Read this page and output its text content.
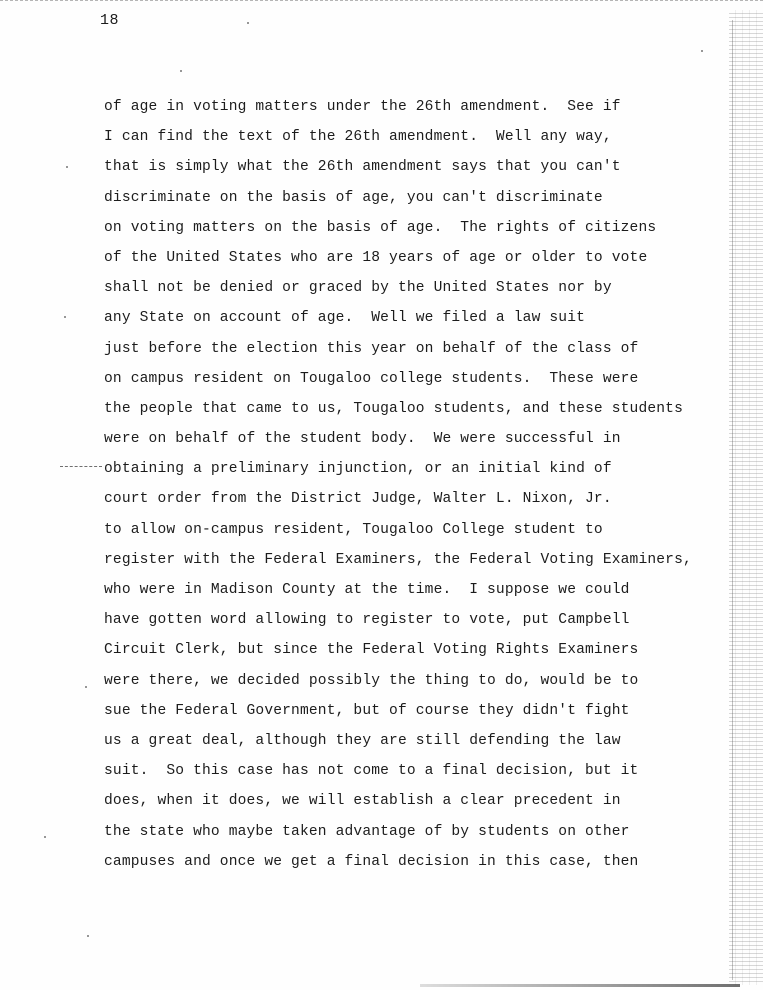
18
of age in voting matters under the 26th amendment.  See if
I can find the text of the 26th amendment.  Well any way,
that is simply what the 26th amendment says that you can't
discriminate on the basis of age, you can't discriminate
on voting matters on the basis of age.  The rights of citizens
of the United States who are 18 years of age or older to vote
shall not be denied or graced by the United States nor by
any State on account of age.  Well we filed a law suit
just before the election this year on behalf of the class of
on campus resident on Tougaloo college students.  These were
the people that came to us, Tougaloo students, and these students
were on behalf of the student body.  We were successful in
obtaining a preliminary injunction, or an initial kind of
court order from the District Judge, Walter L. Nixon, Jr.
to allow on-campus resident, Tougaloo College student to
register with the Federal Examiners, the Federal Voting Examiners,
who were in Madison County at the time.  I suppose we could
have gotten word allowing to register to vote, put Campbell
Circuit Clerk, but since the Federal Voting Rights Examiners
were there, we decided possibly the thing to do, would be to
sue the Federal Government, but of course they didn't fight
us a great deal, although they are still defending the law
suit.  So this case has not come to a final decision, but it
does, when it does, we will establish a clear precedent in
the state who maybe taken advantage of by students on other
campuses and once we get a final decision in this case, then
